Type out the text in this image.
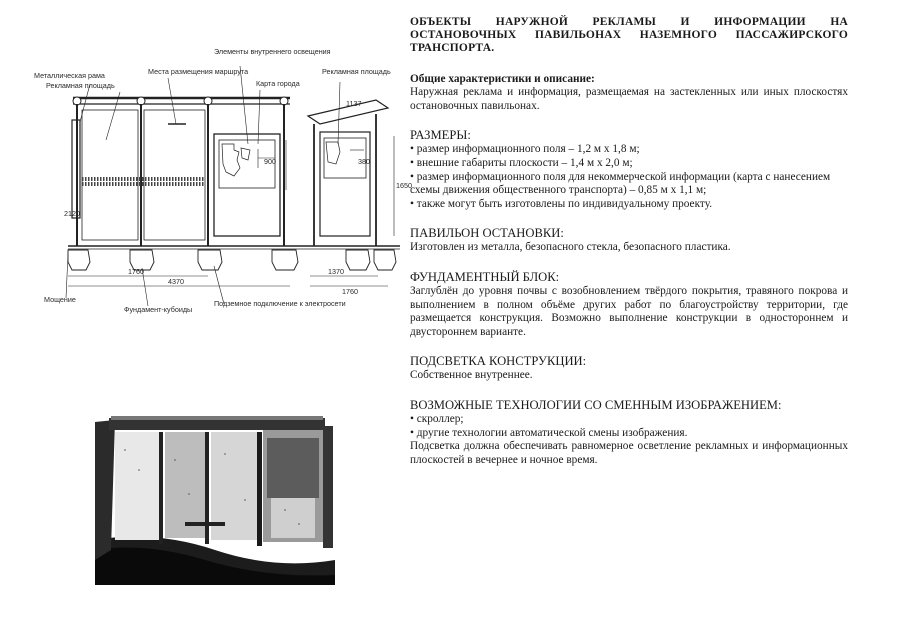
Металлическая рама
Рекламная площадь
Места размещения маршрута
Элементы внутреннего освещения
Карта города
Рекламная площадь
Мощение
Фундамент-кубоиды
Подземное подключение к электросети
1760
4370
1370
1760
1650
2120
1137
900	380
ОБЪЕКТЫ НАРУЖНОЙ РЕКЛАМЫ И ИНФОРМАЦИИ НА ОСТАНОВОЧНЫХ ПАВИЛЬОНАХ НАЗЕМНОГО ПАССАЖИРСКОГО ТРАНСПОРТА.
Общие характеристики и описание:

Наружная реклама и информация, размещаемая на застекленных или иных плоскостях остановочных павильонах.

РАЗМЕРЫ:
• размер информационного поля – 1,2 м х 1,8 м;
• внешние габариты плоскости – 1,4 м х 2,0 м;
• размер информационного поля для некоммерческой информации (карта с нанесением схемы движения общественного транспорта) – 0,85 м х 1,1 м;
• также могут быть изготовлены по индивидуальному проекту.
ПАВИЛЬОН ОСТАНОВКИ:

Изготовлен из металла, безопасного стекла, безопасного пластика.

ФУНДАМЕНТНЫЙ БЛОК:

Заглублён до уровня почвы с возобновлением твёрдого покрытия, травяного покрова и выполнением в полном объёме других работ по благоустройству территории, где размещается конструкция. Возможно выполнение конструкции в одностороннем и двустороннем варианте.

ПОДСВЕТКА КОНСТРУКЦИИ:

Собственное внутреннее.

ВОЗМОЖНЫЕ ТЕХНОЛОГИИ СО СМЕННЫМ ИЗОБРАЖЕНИЕМ:
• скроллер;
• другие технологии автоматической смены изображения.

Подсветка должна обеспечивать равномерное осветление рекламных и информационных плоскостей в вечернее и ночное время.
